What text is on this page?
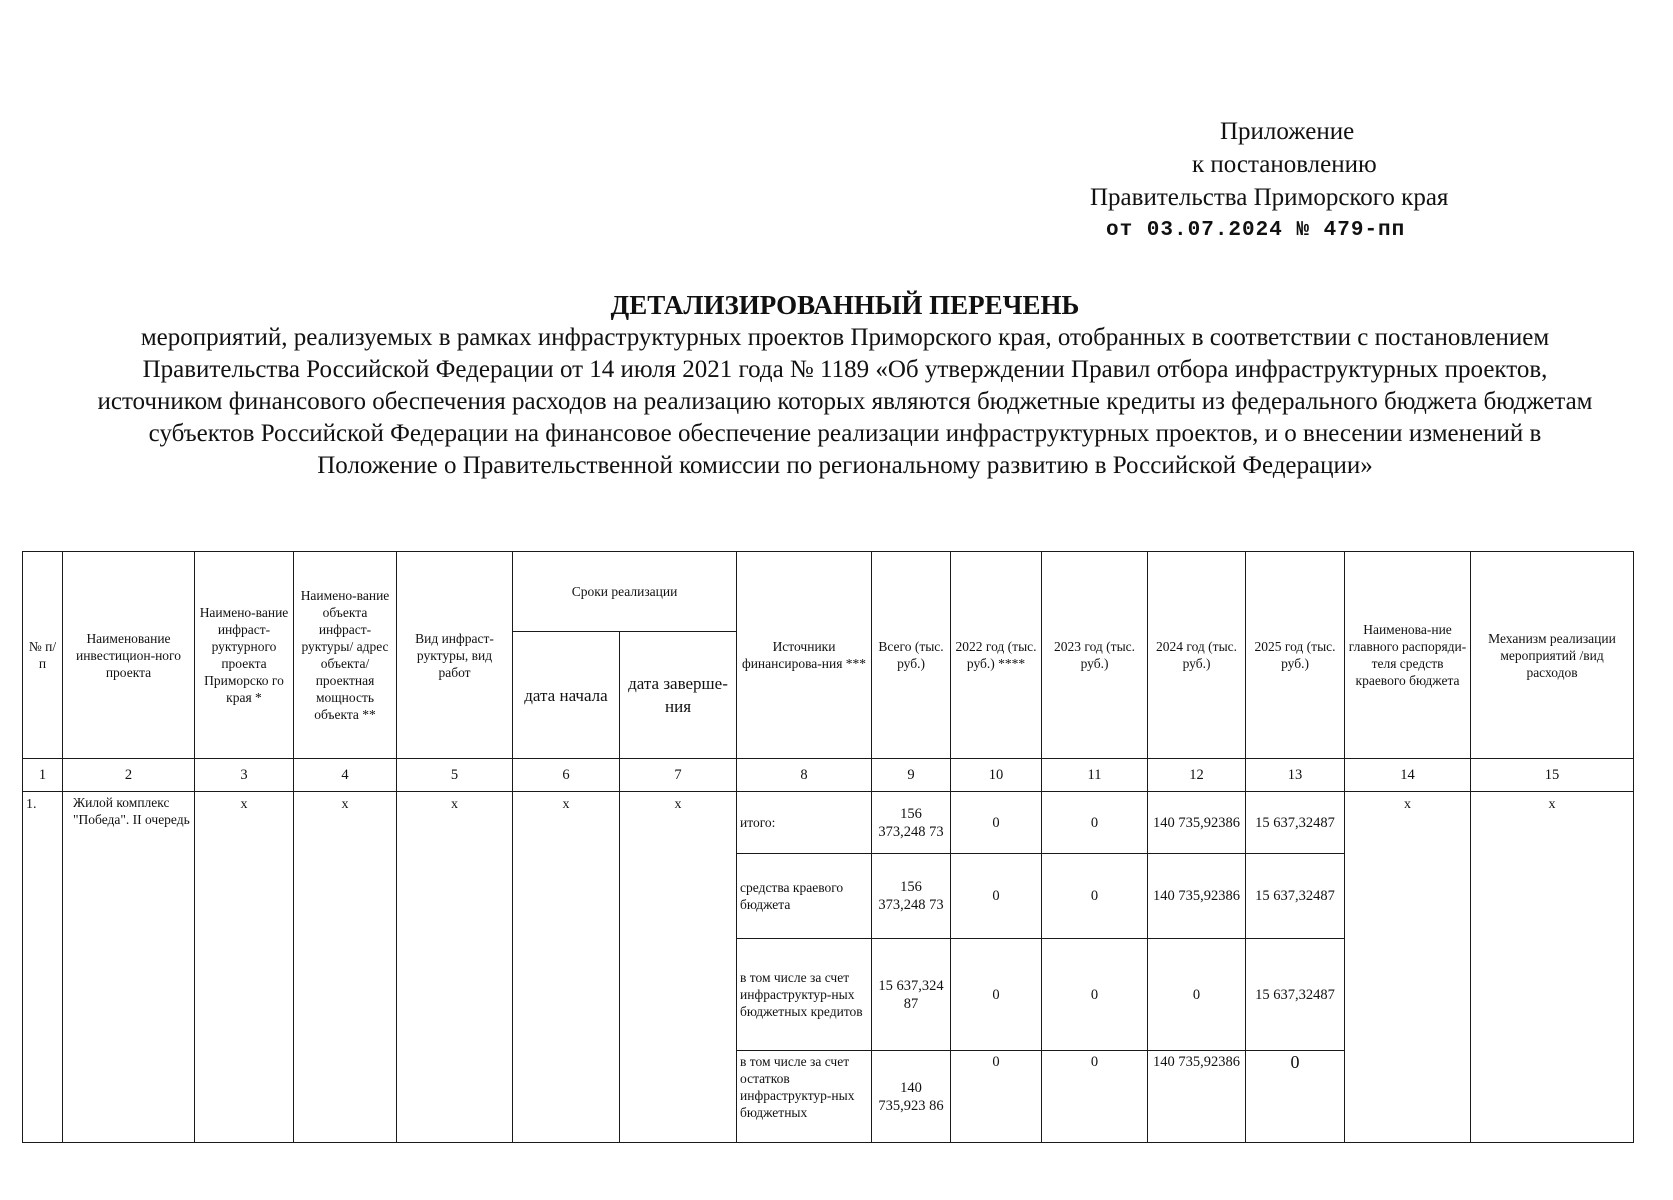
Приложение
к постановлению
Правительства Приморского края
от 03.07.2024 № 479-пп
ДЕТАЛИЗИРОВАННЫЙ ПЕРЕЧЕНЬ
мероприятий, реализуемых в рамках инфраструктурных проектов Приморского края, отобранных в соответствии с постановлением Правительства Российской Федерации от 14 июля 2021 года № 1189 «Об утверждении Правил отбора инфраструктурных проектов, источником финансового обеспечения расходов на реализацию которых являются бюджетные кредиты из федерального бюджета бюджетам субъектов Российской Федерации на финансовое обеспечение реализации инфраструктурных проектов, и о внесении изменений в Положение о Правительственной комиссии по региональному развитию в Российской Федерации»
№ п/п	Наименование инвестицион-ного проекта	Наимено-вание инфраст-руктурного проекта Приморско го края *	Наимено-вание объекта инфраст-руктуры/ адрес объекта/ проектная мощность объекта **	Вид инфраст-руктуры, вид работ	Сроки реализации		Источники финансирова-ния ***	Всего (тыс. руб.)	2022 год (тыс. руб.) ****	2023 год (тыс. руб.)	2024 год (тыс. руб.)	2025 год (тыс. руб.)	Наименова-ние главного распоряди-теля средств краевого бюджета	Механизм реализации мероприятий /вид расходов
					дата начала	дата заверше-ния								
1	2	3	4	5	6	7	8	9	10	11	12	13	14	15
1.	Жилой комплекс "Победа". II очередь	х	х	х	х	х	итого:	156 373,248 73	0	0	140 735,92386	15 637,32487	х	х
							средства краевого бюджета	156 373,248 73	0	0	140 735,92386	15 637,32487		
							в том числе за счет инфраструктур-ных бюджетных кредитов	15 637,324 87	0	0	0	15 637,32487		
							в том числе за счет остатков инфраструктур-ных бюджетных	140 735,923 86	0	0	140 735,92386	0		
